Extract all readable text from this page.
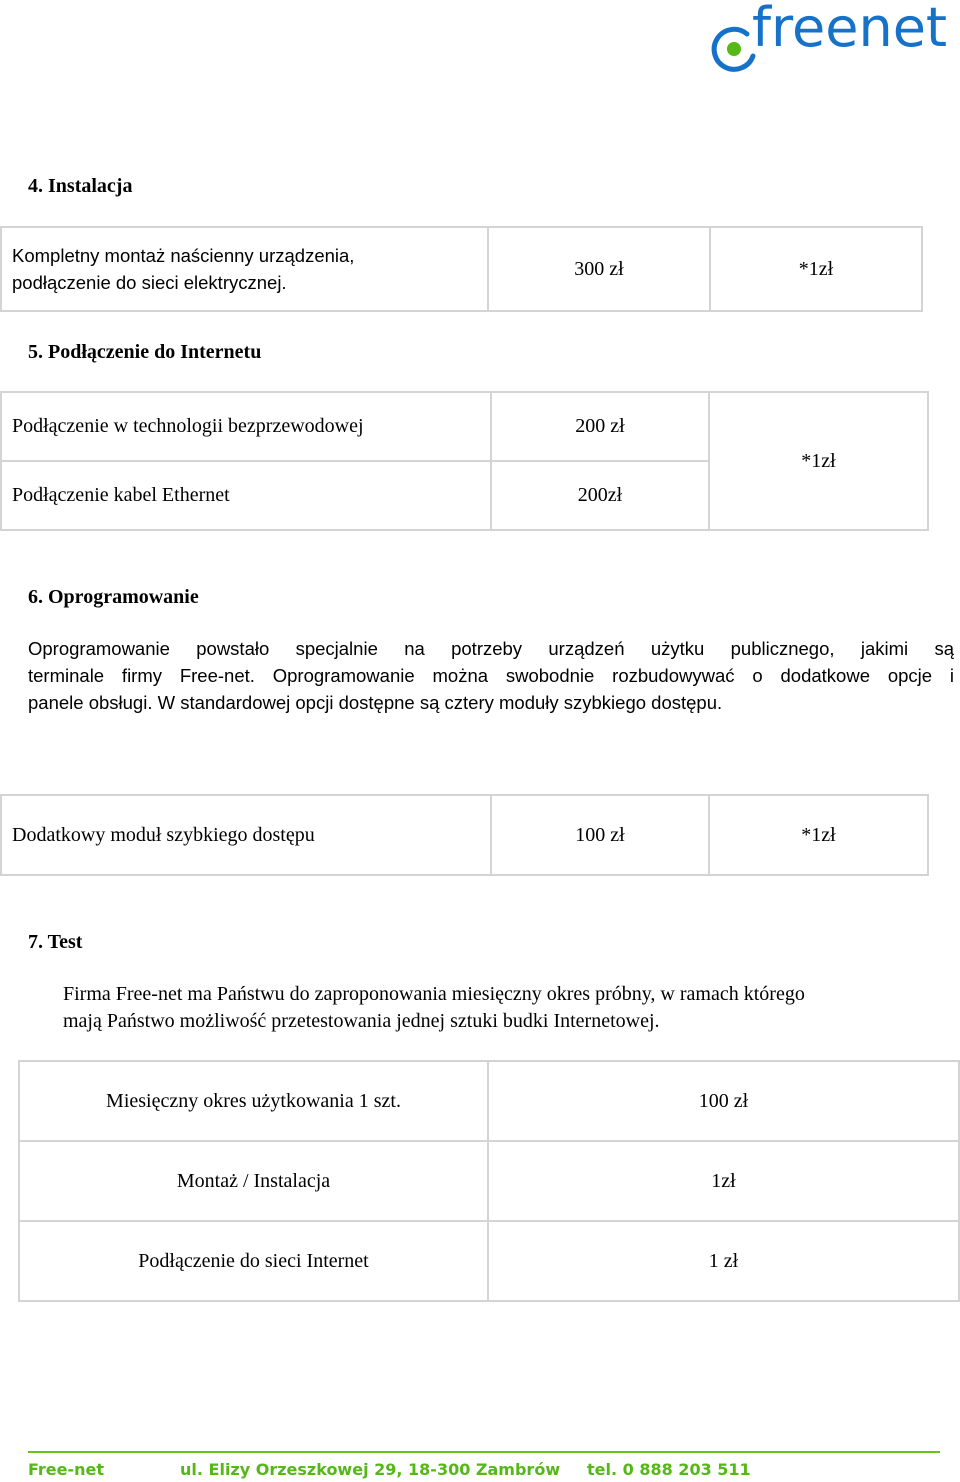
freenet
4. Instalacja
Kompletny montaż naścienny urządzenia,
podłączenie do sieci elektrycznej.
	300 zł	*1zł
5. Podłączenie do Internetu
Podłączenie w technologii bezprzewodowej	200 zł	*1zł
Podłączenie kabel Ethernet	200zł	
6. Oprogramowanie
Oprogramowanie powstało specjalnie na potrzeby urządzeń użytku publicznego, jakimi są
terminale firmy Free-net. Oprogramowanie można swobodnie rozbudowywać o dodatkowe opcje i
panele obsługi. W standardowej opcji dostępne są cztery moduły szybkiego dostępu.
Dodatkowy moduł szybkiego dostępu	100 zł	*1zł
7. Test
Firma Free-net ma Państwu do zaproponowania miesięczny okres próbny, w ramach którego
mają Państwo możliwość przetestowania jednej sztuki budki Internetowej.
Miesięczny okres użytkowania 1 szt.	100 zł
Montaż / Instalacja	1zł
Podłączenie do sieci Internet	1 zł
Free-net	ul. Elizy Orzeszkowej 29, 18-300 Zambrów tel. 0 888 203 511
